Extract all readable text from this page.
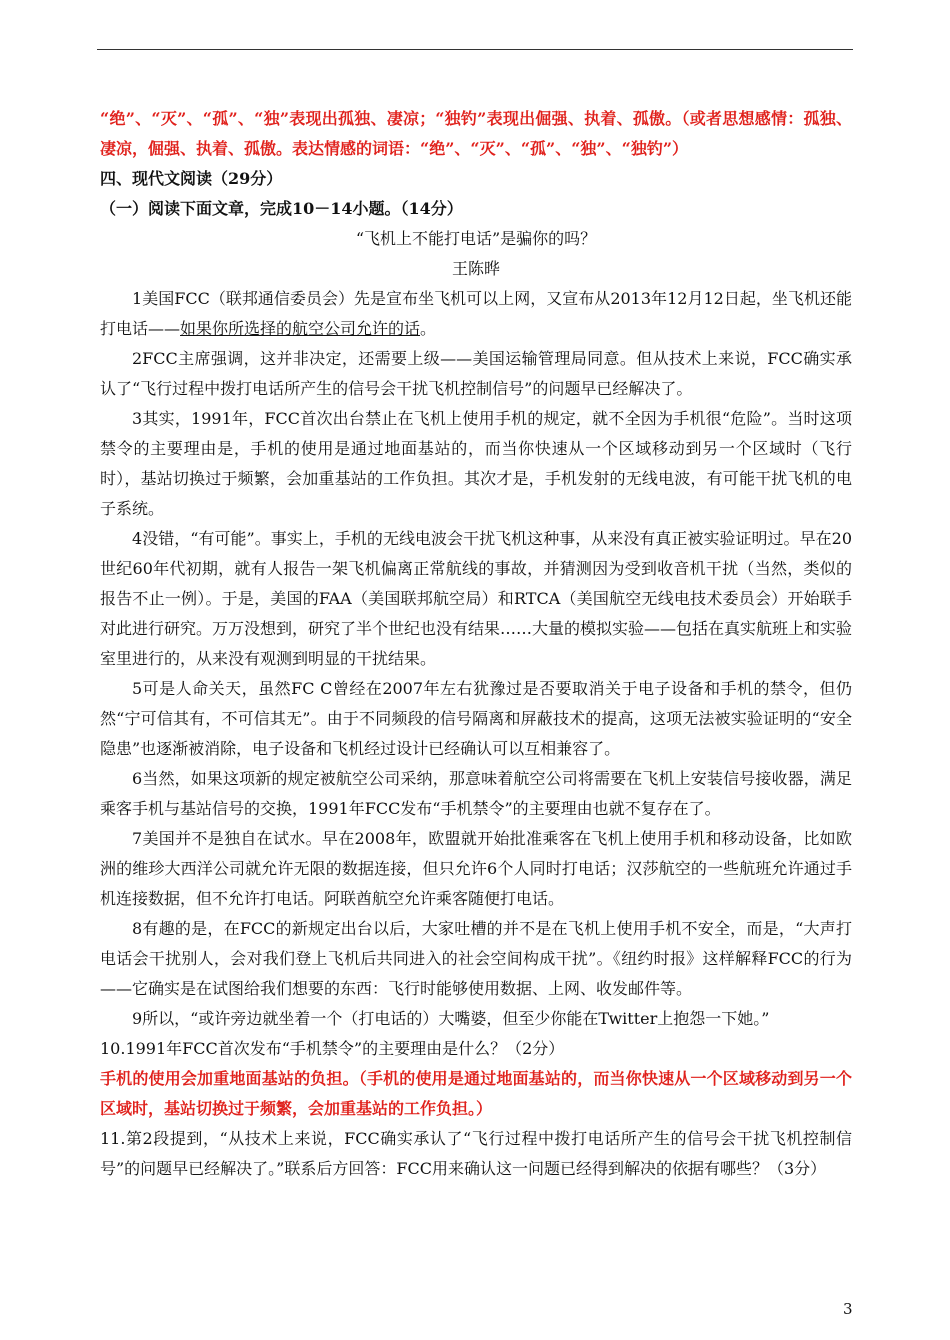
“绝”、“灭”、“孤”、“独”表现出孤独、凄凉；“独钓”表现出倔强、执着、孤傲。（或者思想感情：孤独、凄凉，倔强、执着、孤傲。表达情感的词语：“绝”、“灭”、“孤”、“独”、“独钓”）

四、现代文阅读（29分）

（一）阅读下面文章，完成10－14小题。（14分）

“飞机上不能打电话”是骗你的吗？

王陈晔

1美国FCC（联邦通信委员会）先是宣布坐飞机可以上网，又宣布从2013年12月12日起，坐飞机还能打电话——如果你所选择的航空公司允许的话。

2FCC主席强调，这并非决定，还需要上级——美国运输管理局同意。但从技术上来说，FCC确实承认了“飞行过程中拨打电话所产生的信号会干扰飞机控制信号”的问题早已经解决了。

3其实，1991年，FCC首次出台禁止在飞机上使用手机的规定，就不全因为手机很“危险”。当时这项禁令的主要理由是，手机的使用是通过地面基站的，而当你快速从一个区域移动到另一个区域时（飞行时），基站切换过于频繁，会加重基站的工作负担。其次才是，手机发射的无线电波，有可能干扰飞机的电子系统。

4没错，“有可能”。事实上，手机的无线电波会干扰飞机这种事，从来没有真正被实验证明过。早在20世纪60年代初期，就有人报告一架飞机偏离正常航线的事故，并猜测因为受到收音机干扰（当然，类似的报告不止一例）。于是，美国的FAA（美国联邦航空局）和RTCA（美国航空无线电技术委员会）开始联手对此进行研究。万万没想到，研究了半个世纪也没有结果……大量的模拟实验——包括在真实航班上和实验室里进行的，从来没有观测到明显的干扰结果。

5可是人命关天，虽然FC C曾经在2007年左右犹豫过是否要取消关于电子设备和手机的禁令，但仍然“宁可信其有，不可信其无”。由于不同频段的信号隔离和屏蔽技术的提高，这项无法被实验证明的“安全隐患”也逐渐被消除，电子设备和飞机经过设计已经确认可以互相兼容了。

6当然，如果这项新的规定被航空公司采纳，那意味着航空公司将需要在飞机上安装信号接收器，满足乘客手机与基站信号的交换，1991年FCC发布“手机禁令”的主要理由也就不复存在了。

7美国并不是独自在试水。早在2008年，欧盟就开始批准乘客在飞机上使用手机和移动设备，比如欧洲的维珍大西洋公司就允许无限的数据连接，但只允许6个人同时打电话；汉莎航空的一些航班允许通过手机连接数据，但不允许打电话。阿联酋航空允许乘客随便打电话。

8有趣的是，在FCC的新规定出台以后，大家吐槽的并不是在飞机上使用手机不安全，而是，“大声打电话会干扰别人，会对我们登上飞机后共同进入的社会空间构成干扰”。《纽约时报》这样解释FCC的行为——它确实是在试图给我们想要的东西：飞行时能够使用数据、上网、收发邮件等。

9所以，“或许旁边就坐着一个（打电话的）大嘴婆，但至少你能在Twitter上抱怨一下她。”

10.1991年FCC首次发布“手机禁令”的主要理由是什么？（2分）

手机的使用会加重地面基站的负担。（手机的使用是通过地面基站的，而当你快速从一个区域移动到另一个区域时，基站切换过于频繁，会加重基站的工作负担。）

11.第2段提到，“从技术上来说，FCC确实承认了“飞行过程中拨打电话所产生的信号会干扰飞机控制信号”的问题早已经解决了。”联系后方回答：FCC用来确认这一问题已经得到解决的依据有哪些？（3分）

3
